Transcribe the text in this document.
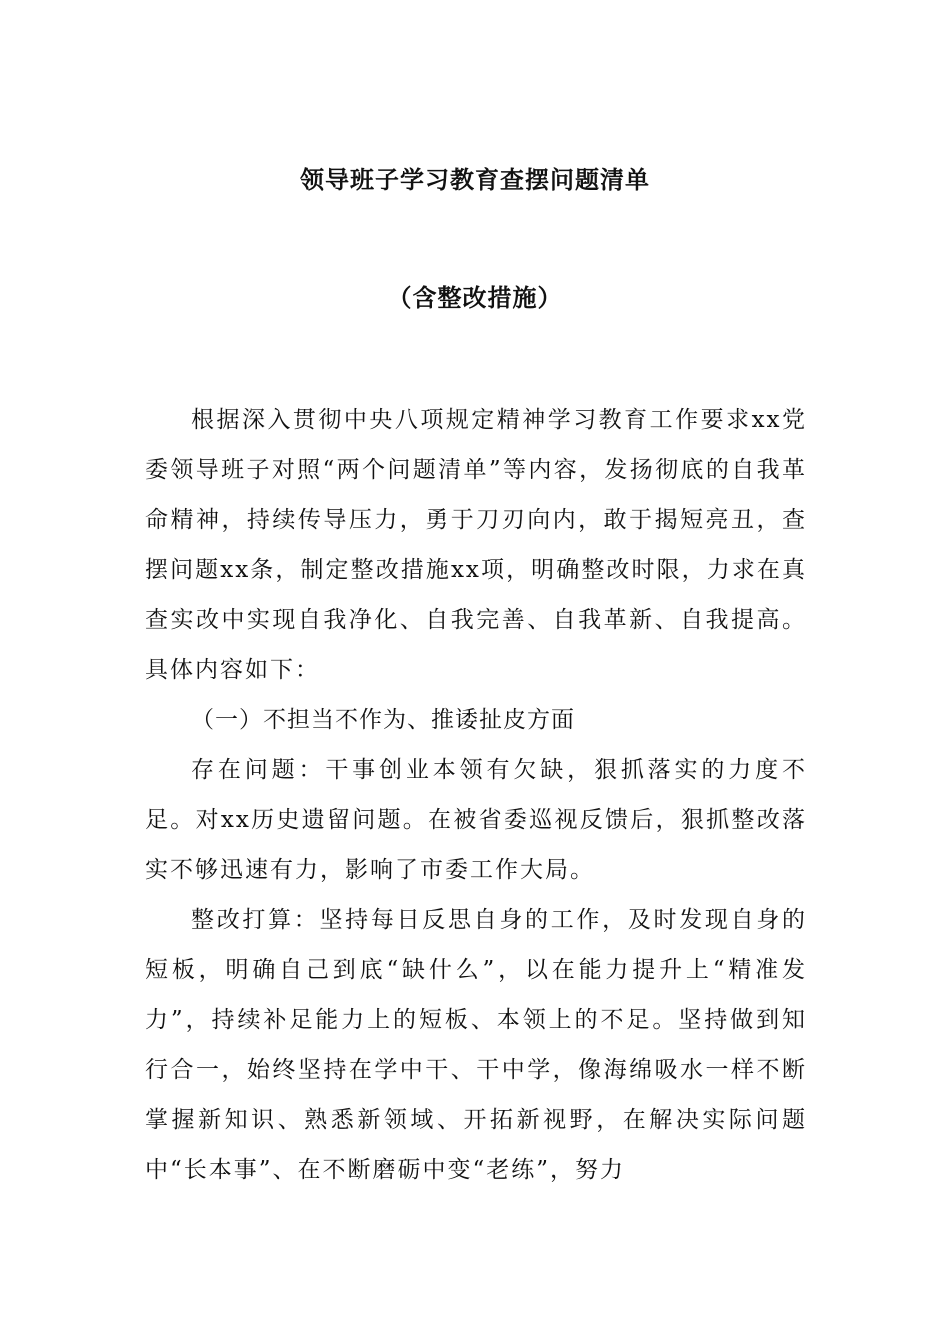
领导班子学习教育查摆问题清单
（含整改措施）

根据深入贯彻中央八项规定精神学习教育工作要求xx党委领导班子对照“两个问题清单”等内容，发扬彻底的自我革命精神，持续传导压力，勇于刀刃向内，敢于揭短亮丑，查摆问题xx条，制定整改措施xx项，明确整改时限，力求在真查实改中实现自我净化、自我完善、自我革新、自我提高。具体内容如下：

（一）不担当不作为、推诿扯皮方面

存在问题：干事创业本领有欠缺，狠抓落实的力度不足。对xx历史遗留问题。在被省委巡视反馈后，狠抓整改落实不够迅速有力，影响了市委工作大局。

整改打算：坚持每日反思自身的工作，及时发现自身的短板，明确自己到底“缺什么”，以在能力提升上“精准发力”，持续补足能力上的短板、本领上的不足。坚持做到知行合一，始终坚持在学中干、干中学，像海绵吸水一样不断掌握新知识、熟悉新领域、开拓新视野，在解决实际问题中“长本事”、在不断磨砺中变“老练”，努力
